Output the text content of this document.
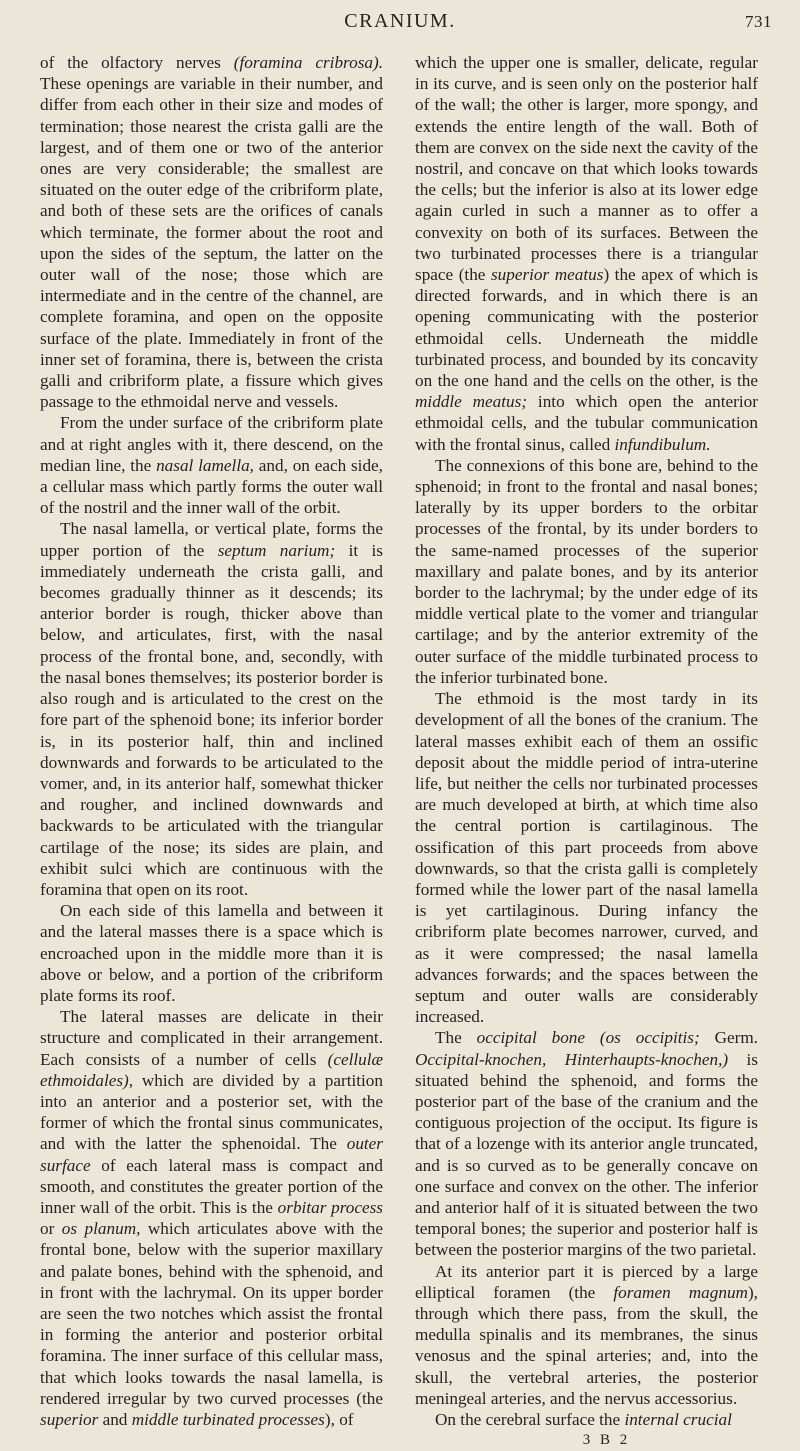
CRANIUM.	731

of the olfactory nerves (foramina cribrosa). These openings are variable in their number, and differ from each other in their size and modes of termination; those nearest the crista galli are the largest, and of them one or two of the anterior ones are very considerable; the smallest are situated on the outer edge of the cribriform plate, and both of these sets are the orifices of canals which terminate, the former about the root and upon the sides of the septum, the latter on the outer wall of the nose; those which are intermediate and in the centre of the channel, are complete foramina, and open on the opposite surface of the plate. Immediately in front of the inner set of foramina, there is, between the crista galli and cribriform plate, a fissure which gives passage to the ethmoidal nerve and vessels.

From the under surface of the cribriform plate and at right angles with it, there descend, on the median line, the nasal lamella, and, on each side, a cellular mass which partly forms the outer wall of the nostril and the inner wall of the orbit.

The nasal lamella, or vertical plate, forms the upper portion of the septum narium; it is immediately underneath the crista galli, and becomes gradually thinner as it descends; its anterior border is rough, thicker above than below, and articulates, first, with the nasal process of the frontal bone, and, secondly, with the nasal bones themselves; its posterior border is also rough and is articulated to the crest on the fore part of the sphenoid bone; its inferior border is, in its posterior half, thin and inclined downwards and forwards to be articulated to the vomer, and, in its anterior half, somewhat thicker and rougher, and inclined downwards and backwards to be articulated with the triangular cartilage of the nose; its sides are plain, and exhibit sulci which are continuous with the foramina that open on its root.

On each side of this lamella and between it and the lateral masses there is a space which is encroached upon in the middle more than it is above or below, and a portion of the cribriform plate forms its roof.

The lateral masses are delicate in their structure and complicated in their arrangement. Each consists of a number of cells (cellulæ ethmoidales), which are divided by a partition into an anterior and a posterior set, with the former of which the frontal sinus communicates, and with the latter the sphenoidal. The outer surface of each lateral mass is compact and smooth, and constitutes the greater portion of the inner wall of the orbit. This is the orbitar process or os planum, which articulates above with the frontal bone, below with the superior maxillary and palate bones, behind with the sphenoid, and in front with the lachrymal. On its upper border are seen the two notches which assist the frontal in forming the anterior and posterior orbital foramina. The inner surface of this cellular mass, that which looks towards the nasal lamella, is rendered irregular by two curved processes (the superior and middle turbinated processes), of

which the upper one is smaller, delicate, regular in its curve, and is seen only on the posterior half of the wall; the other is larger, more spongy, and extends the entire length of the wall. Both of them are convex on the side next the cavity of the nostril, and concave on that which looks towards the cells; but the inferior is also at its lower edge again curled in such a manner as to offer a convexity on both of its surfaces. Between the two turbinated processes there is a triangular space (the superior meatus) the apex of which is directed forwards, and in which there is an opening communicating with the posterior ethmoidal cells. Underneath the middle turbinated process, and bounded by its concavity on the one hand and the cells on the other, is the middle meatus; into which open the anterior ethmoidal cells, and the tubular communication with the frontal sinus, called infundibulum.

The connexions of this bone are, behind to the sphenoid; in front to the frontal and nasal bones; laterally by its upper borders to the orbitar processes of the frontal, by its under borders to the same-named processes of the superior maxillary and palate bones, and by its anterior border to the lachrymal; by the under edge of its middle vertical plate to the vomer and triangular cartilage; and by the anterior extremity of the outer surface of the middle turbinated process to the inferior turbinated bone.

The ethmoid is the most tardy in its development of all the bones of the cranium. The lateral masses exhibit each of them an ossific deposit about the middle period of intra-uterine life, but neither the cells nor turbinated processes are much developed at birth, at which time also the central portion is cartilaginous. The ossification of this part proceeds from above downwards, so that the crista galli is completely formed while the lower part of the nasal lamella is yet cartilaginous. During infancy the cribriform plate becomes narrower, curved, and as it were compressed; the nasal lamella advances forwards; and the spaces between the septum and outer walls are considerably increased.

The occipital bone (os occipitis; Germ. Occipital-knochen, Hinterhaupts-knochen,) is situated behind the sphenoid, and forms the posterior part of the base of the cranium and the contiguous projection of the occiput. Its figure is that of a lozenge with its anterior angle truncated, and is so curved as to be generally concave on one surface and convex on the other. The inferior and anterior half of it is situated between the two temporal bones; the superior and posterior half is between the posterior margins of the two parietal.

At its anterior part it is pierced by a large elliptical foramen (the foramen magnum), through which there pass, from the skull, the medulla spinalis and its membranes, the sinus venosus and the spinal arteries; and, into the skull, the vertebral arteries, the posterior meningeal arteries, and the nervus accessorius.

On the cerebral surface the internal crucial

3 B 2
